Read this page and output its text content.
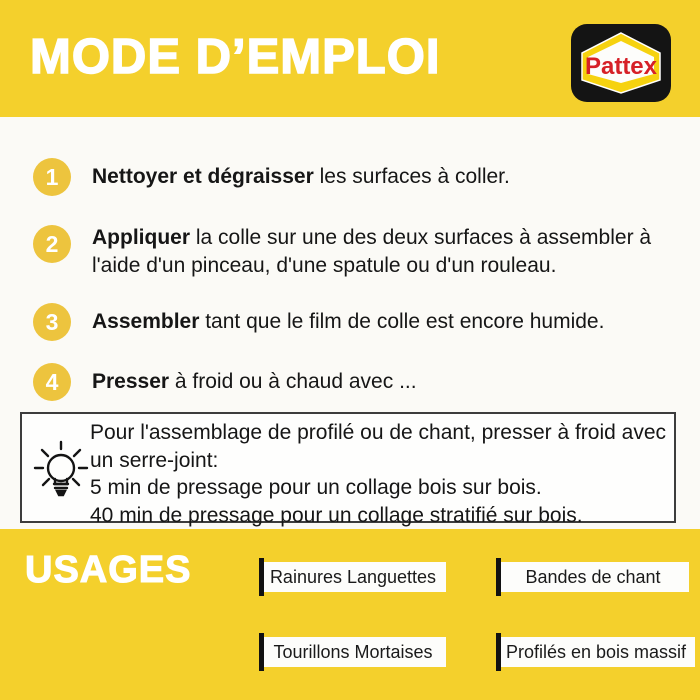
MODE D’EMPLOI	Pattex
1	Nettoyer et dégraisser les surfaces à coller.
2	Appliquer la colle sur une des deux surfaces à assembler à l'aide d'un pinceau, d'une spatule ou d'un rouleau.
3	Assembler tant que le film de colle est encore humide.
4	Presser à froid ou à chaud avec ...
Pour l'assemblage de profilé ou de chant, presser à froid avec un serre-joint:
5 min de pressage pour un collage bois sur bois.
40 min de pressage pour un collage stratifié sur bois.
USAGES	Rainures Languettes	Bandes de chant
Tourillons Mortaises	Profilés en bois massif
